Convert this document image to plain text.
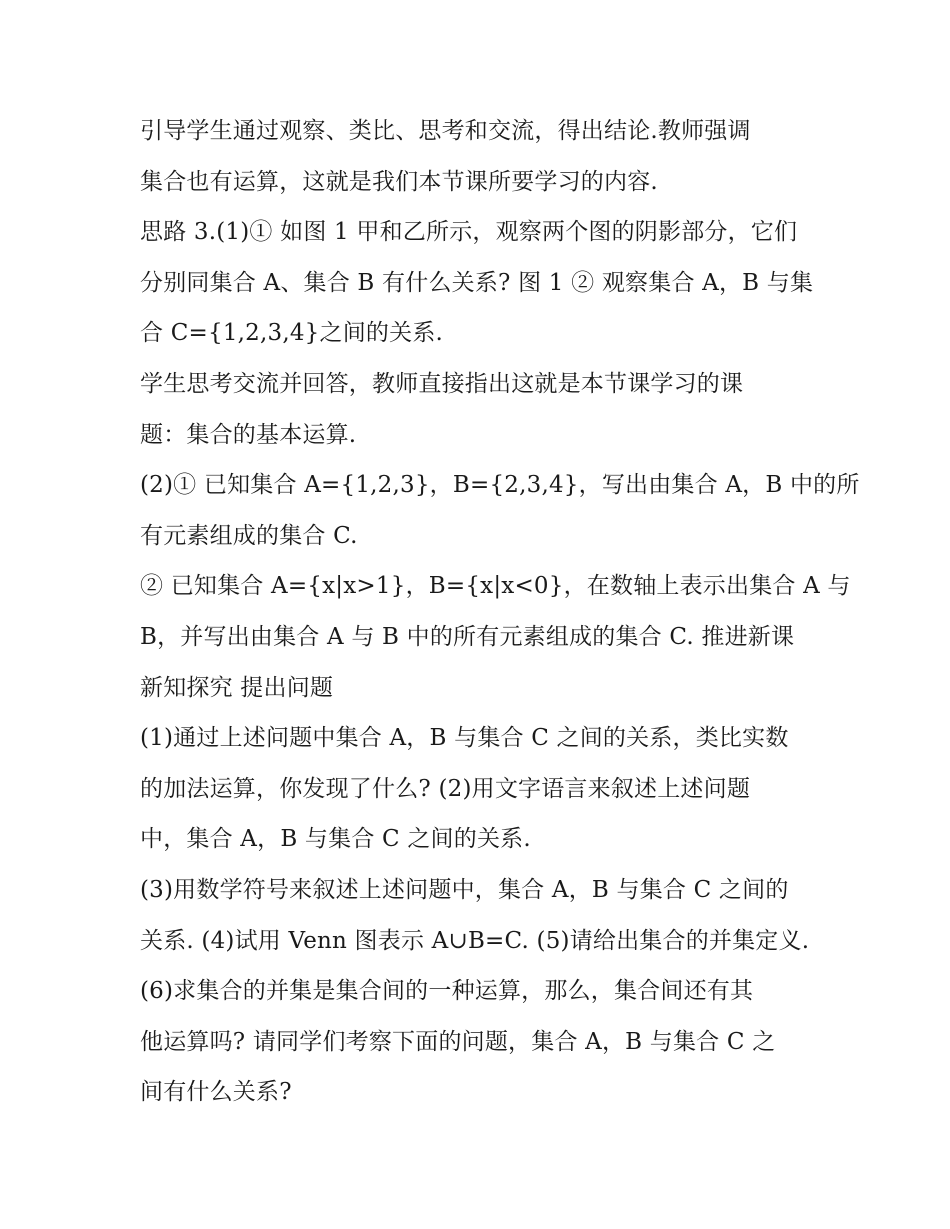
引导学生通过观察、类比、思考和交流，得出结论.教师强调
集合也有运算，这就是我们本节课所要学习的内容.
思路 3.(1)① 如图 1 甲和乙所示，观察两个图的阴影部分，它们
分别同集合 A、集合 B 有什么关系? 图 1 ② 观察集合 A，B 与集
合 C={1,2,3,4}之间的关系.
学生思考交流并回答，教师直接指出这就是本节课学习的课
题：集合的基本运算.
(2)① 已知集合 A={1,2,3}，B={2,3,4}，写出由集合 A，B 中的所
有元素组成的集合 C.
② 已知集合 A={x|x>1}，B={x|x<0}，在数轴上表示出集合 A 与
B，并写出由集合 A 与 B 中的所有元素组成的集合 C. 推进新课
新知探究 提出问题
(1)通过上述问题中集合 A，B 与集合 C 之间的关系，类比实数
的加法运算，你发现了什么? (2)用文字语言来叙述上述问题
中，集合 A，B 与集合 C 之间的关系.
(3)用数学符号来叙述上述问题中，集合 A，B 与集合 C 之间的
关系. (4)试用 Venn 图表示 A∪B=C. (5)请给出集合的并集定义.
(6)求集合的并集是集合间的一种运算，那么，集合间还有其
他运算吗? 请同学们考察下面的问题，集合 A，B 与集合 C 之
间有什么关系?
